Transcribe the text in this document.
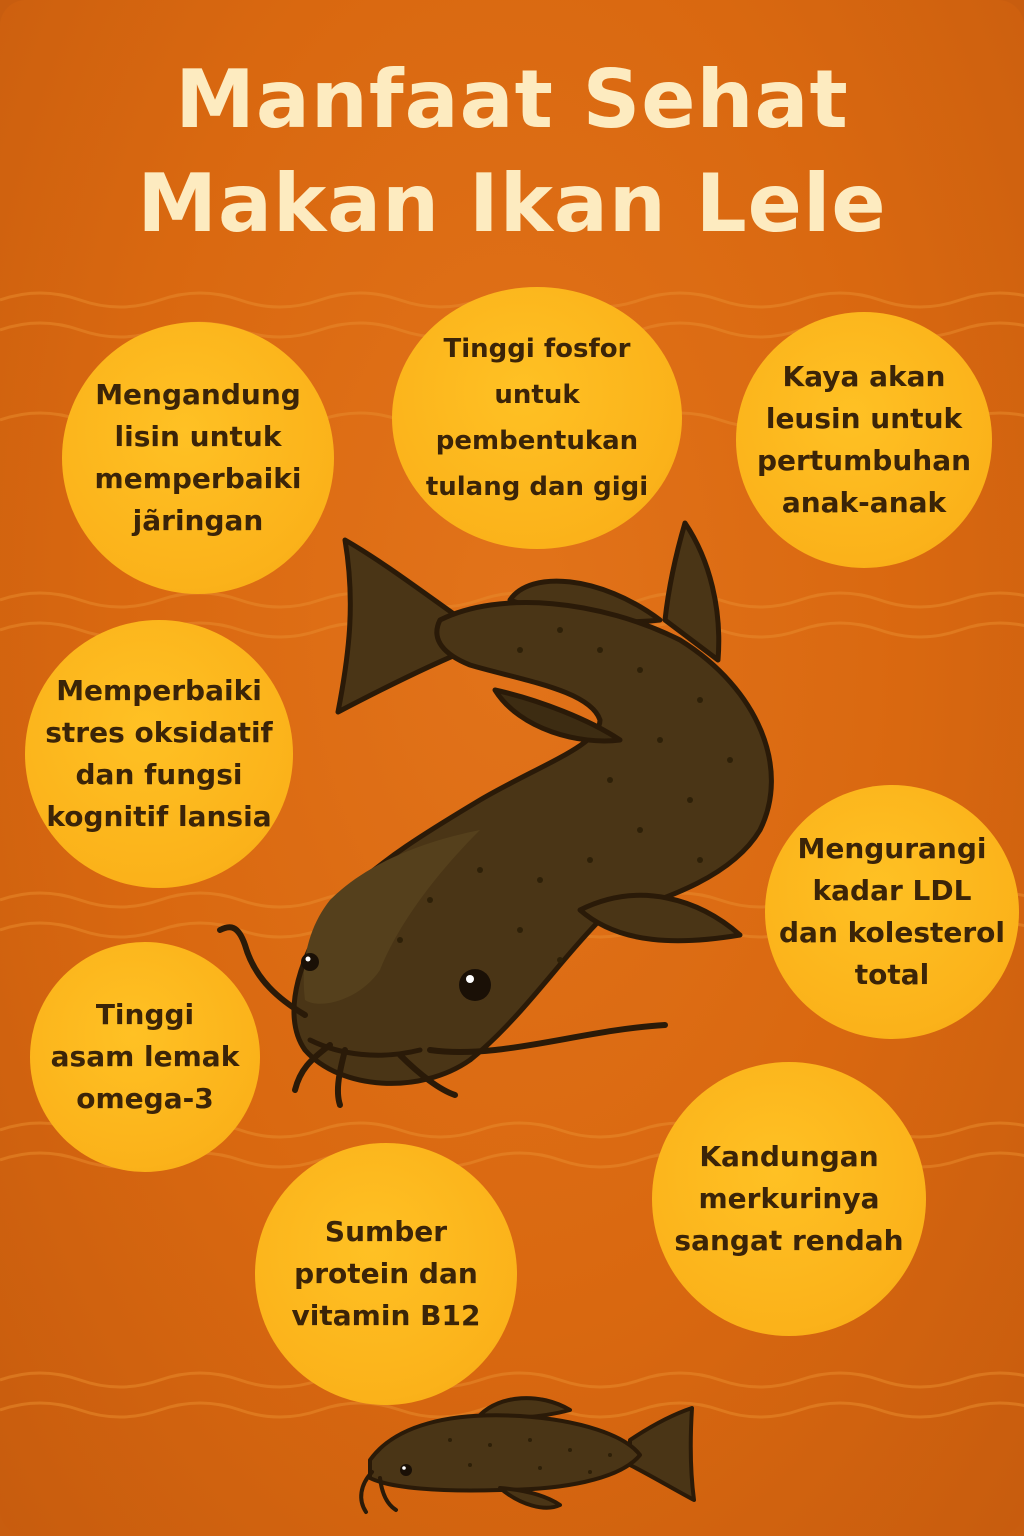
Manfaat Sehat
Makan Ikan Lele
Mengandung
lisin untuk
memperbaiki
jãringan
Tinggi fosfor
untuk pembentukan
tulang dan gigi
Kaya akan
leusin untuk
pertumbuhan
anak-anak
Memperbaiki
stres oksidatif
dan fungsi
kognitif lansia
Mengurangi
kadar LDL
dan kolesterol
total
Tinggi
asam lemak
omega-3
Kandungan
merkurinya
sangat rendah
Sumber
protein dan
vitamin B12
